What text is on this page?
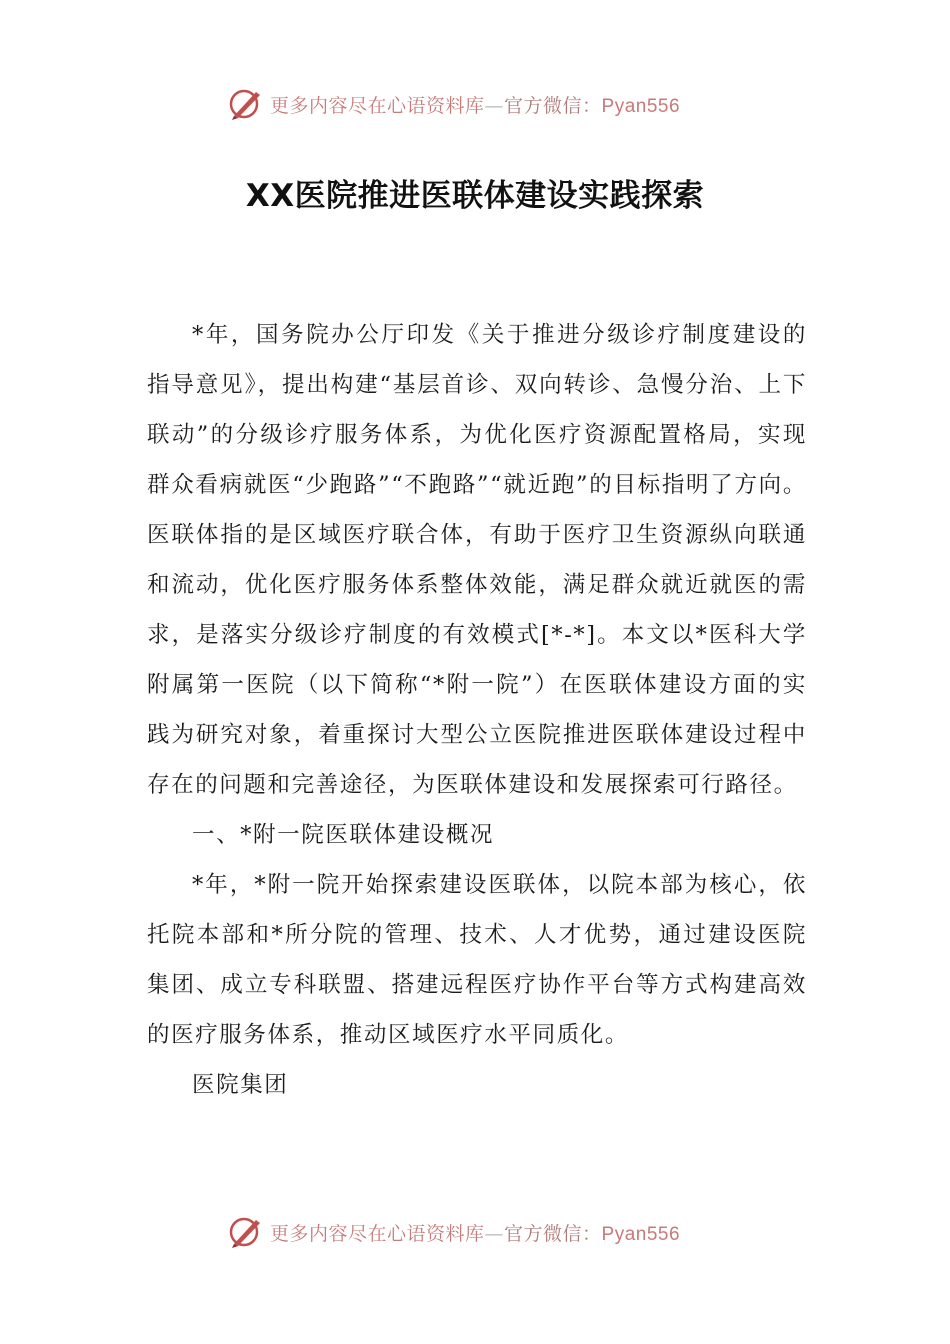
更多内容尽在心语资料库—官方微信：Pyan556
XX医院推进医联体建设实践探索

*年，国务院办公厅印发《关于推进分级诊疗制度建设的指导意见》，提出构建“基层首诊、双向转诊、急慢分治、上下联动”的分级诊疗服务体系，为优化医疗资源配置格局，实现群众看病就医“少跑路”“不跑路”“就近跑”的目标指明了方向。医联体指的是区域医疗联合体，有助于医疗卫生资源纵向联通和流动，优化医疗服务体系整体效能，满足群众就近就医的需求，是落实分级诊疗制度的有效模式[*-*]。本文以*医科大学附属第一医院（以下简称“*附一院”）在医联体建设方面的实践为研究对象，着重探讨大型公立医院推进医联体建设过程中存在的问题和完善途径，为医联体建设和发展探索可行路径。

一、*附一院医联体建设概况

*年，*附一院开始探索建设医联体，以院本部为核心，依托院本部和*所分院的管理、技术、人才优势，通过建设医院集团、成立专科联盟、搭建远程医疗协作平台等方式构建高效的医疗服务体系，推动区域医疗水平同质化。

医院集团

更多内容尽在心语资料库—官方微信：Pyan556
